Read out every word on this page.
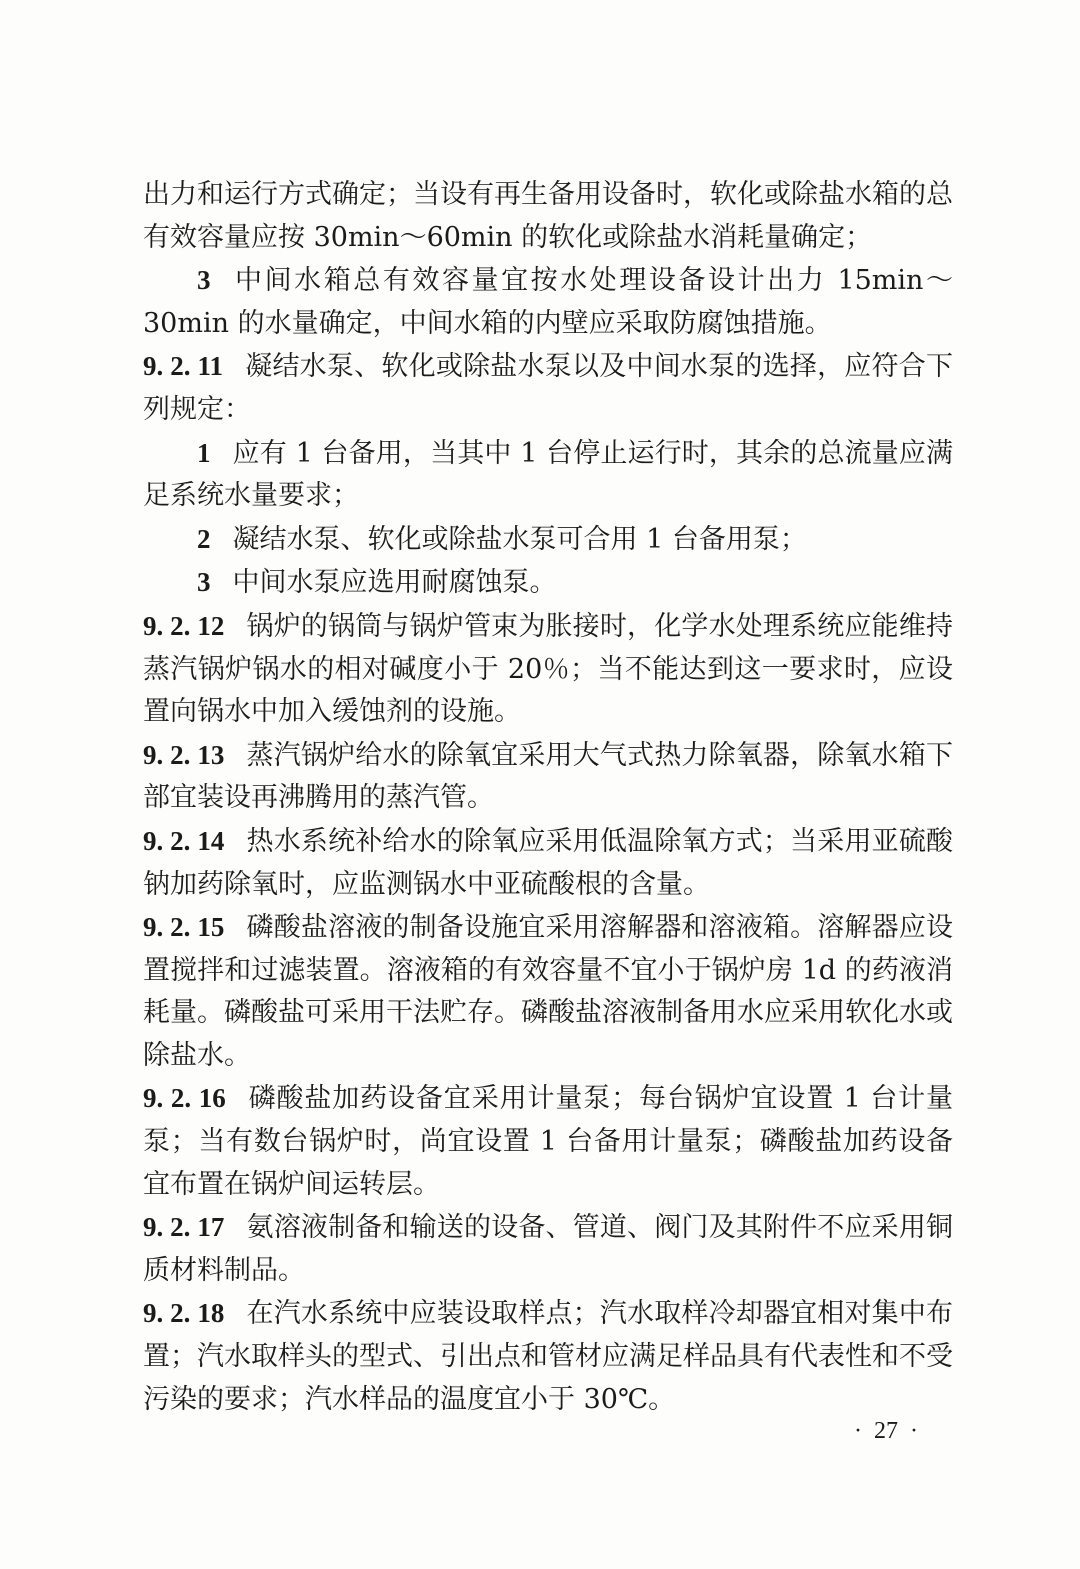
出力和运行方式确定；当设有再生备用设备时，软化或除盐水箱的总有效容量应按 30min～60min 的软化或除盐水消耗量确定；

3 中间水箱总有效容量宜按水处理设备设计出力 15min～30min 的水量确定，中间水箱的内壁应采取防腐蚀措施。

9. 2. 11 凝结水泵、软化或除盐水泵以及中间水泵的选择，应符合下列规定：

1 应有 1 台备用，当其中 1 台停止运行时，其余的总流量应满足系统水量要求；

2 凝结水泵、软化或除盐水泵可合用 1 台备用泵；

3 中间水泵应选用耐腐蚀泵。

9. 2. 12 锅炉的锅筒与锅炉管束为胀接时，化学水处理系统应能维持蒸汽锅炉锅水的相对碱度小于 20％；当不能达到这一要求时，应设置向锅水中加入缓蚀剂的设施。

9. 2. 13 蒸汽锅炉给水的除氧宜采用大气式热力除氧器，除氧水箱下部宜装设再沸腾用的蒸汽管。

9. 2. 14 热水系统补给水的除氧应采用低温除氧方式；当采用亚硫酸钠加药除氧时，应监测锅水中亚硫酸根的含量。

9. 2. 15 磷酸盐溶液的制备设施宜采用溶解器和溶液箱。溶解器应设置搅拌和过滤装置。溶液箱的有效容量不宜小于锅炉房 1d 的药液消耗量。磷酸盐可采用干法贮存。磷酸盐溶液制备用水应采用软化水或除盐水。

9. 2. 16 磷酸盐加药设备宜采用计量泵；每台锅炉宜设置 1 台计量泵；当有数台锅炉时，尚宜设置 1 台备用计量泵；磷酸盐加药设备宜布置在锅炉间运转层。

9. 2. 17 氨溶液制备和输送的设备、管道、阀门及其附件不应采用铜质材料制品。

9. 2. 18 在汽水系统中应装设取样点；汽水取样冷却器宜相对集中布置；汽水取样头的型式、引出点和管材应满足样品具有代表性和不受污染的要求；汽水样品的温度宜小于 30℃。

·  27  ·
